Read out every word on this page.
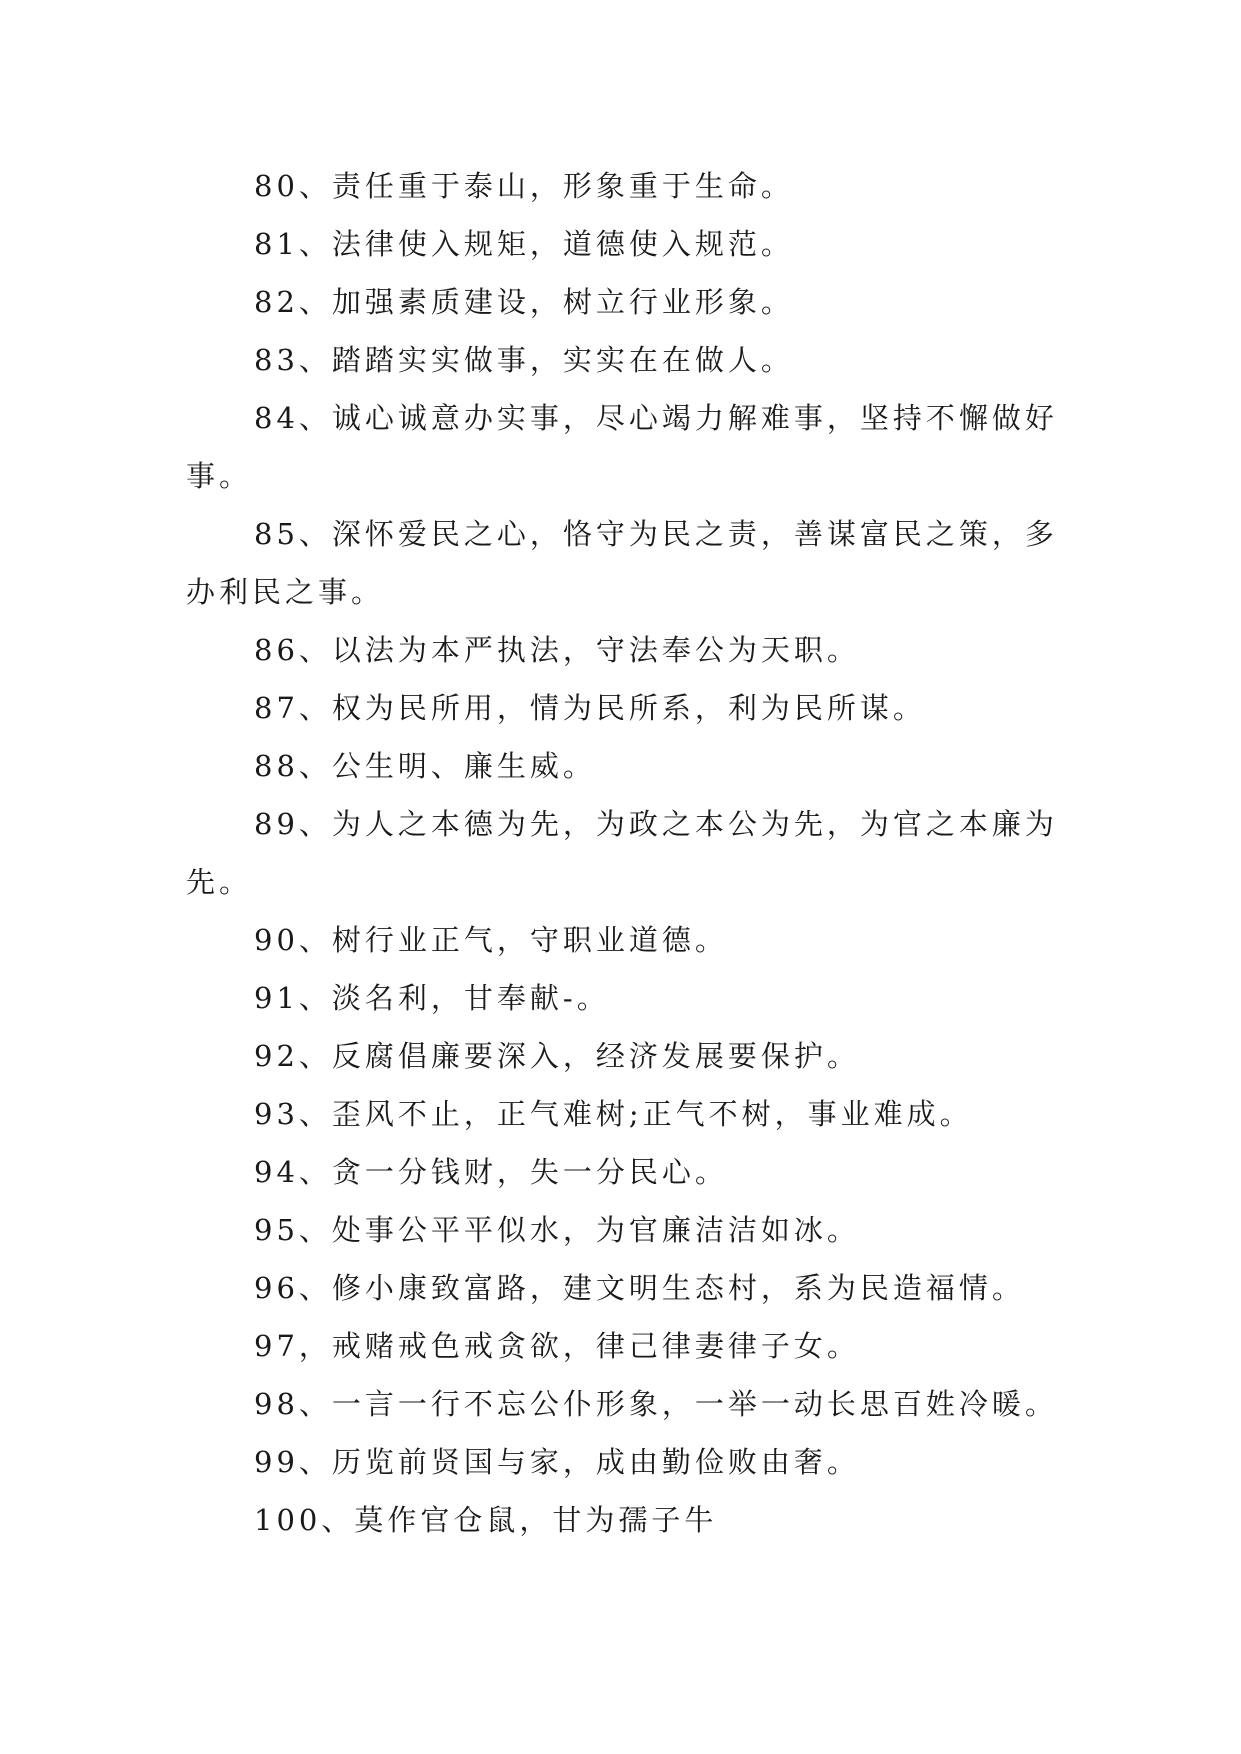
80、责任重于泰山，形象重于生命。

81、法律使入规矩，道德使入规范。

82、加强素质建设，树立行业形象。

83、踏踏实实做事，实实在在做人。

84、诚心诚意办实事，尽心竭力解难事，坚持不懈做好事。

85、深怀爱民之心，恪守为民之责，善谋富民之策，多办利民之事。

86、以法为本严执法，守法奉公为天职。

87、权为民所用，情为民所系，利为民所谋。

88、公生明、廉生威。

89、为人之本德为先，为政之本公为先，为官之本廉为先。

90、树行业正气，守职业道德。

91、淡名利，甘奉献-。

92、反腐倡廉要深入，经济发展要保护。

93、歪风不止，正气难树;正气不树，事业难成。

94、贪一分钱财，失一分民心。

95、处事公平平似水，为官廉洁洁如冰。

96、修小康致富路，建文明生态村，系为民造福情。

97，戒赌戒色戒贪欲，律己律妻律子女。

98、一言一行不忘公仆形象，一举一动长思百姓冷暖。

99、历览前贤国与家，成由勤俭败由奢。

100、莫作官仓鼠，甘为孺子牛
